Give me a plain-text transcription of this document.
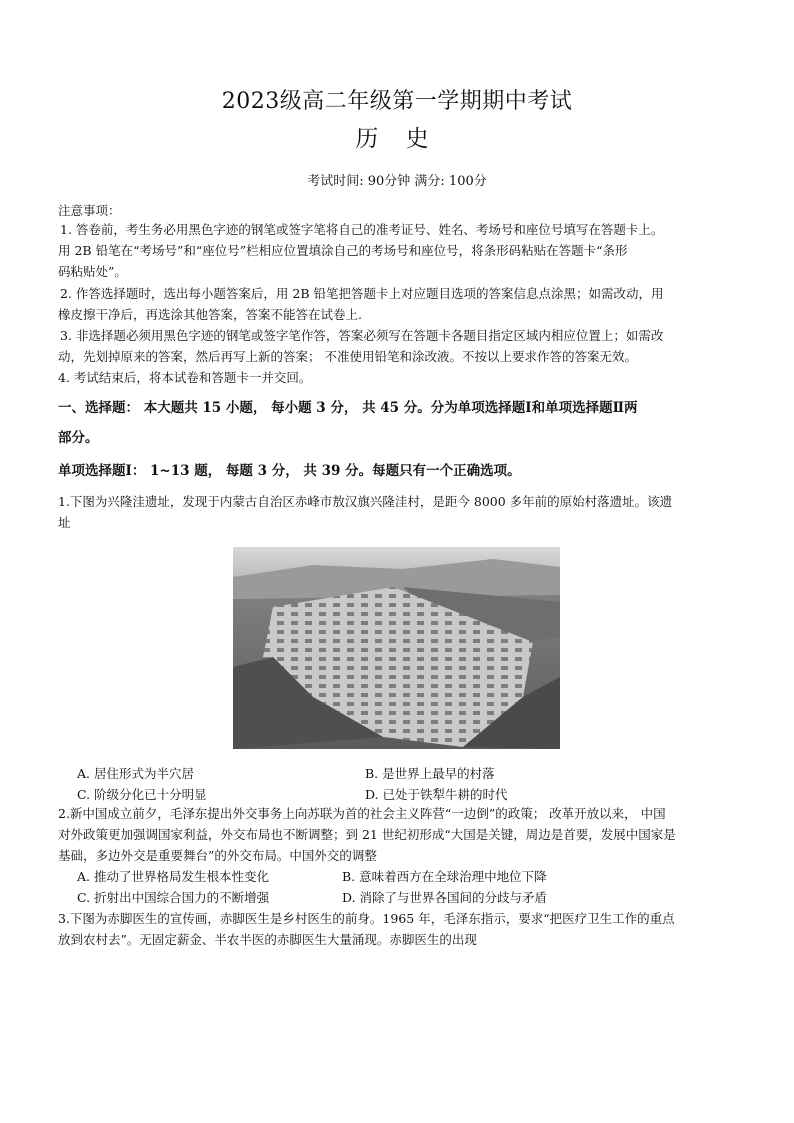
2023级高二年级第一学期期中考试
历 史
考试时间: 90分钟 满分: 100分
注意事项：
1. 答卷前，考生务必用黑色字迹的钢笔或签字笔将自己的准考证号、姓名、考场号和座位号填写在答题卡上。
用 2B 铅笔在“考场号”和“座位号”栏相应位置填涂自己的考场号和座位号，将条形码粘贴在答题卡“条形
码粘贴处”。
2. 作答选择题时，选出每小题答案后，用 2B 铅笔把答题卡上对应题目选项的答案信息点涂黑；如需改动，用
橡皮擦干净后，再选涂其他答案，答案不能答在试卷上.
3. 非选择题必须用黑色字迹的钢笔或签字笔作答，答案必须写在答题卡各题目指定区域内相应位置上；如需改
动，先划掉原来的答案，然后再写上新的答案； 不准使用铅笔和涂改液。不按以上要求作答的答案无效。
4. 考试结束后，将本试卷和答题卡一并交回。
一、选择题： 本大题共 15 小题， 每小题 3 分， 共 45 分。分为单项选择题Ⅰ和单项选择题Ⅱ两
部分。
单项选择题Ⅰ： 1~13 题， 每题 3 分， 共 39 分。每题只有一个正确选项。
1.下图为兴隆洼遗址，发现于内蒙古自治区赤峰市敖汉旗兴隆洼村，是距今 8000 多年前的原始村落遗址。该遗
址
A. 居住形式为半穴居	B. 是世界上最早的村落
C. 阶级分化已十分明显	D. 已处于铁犁牛耕的时代
2.新中国成立前夕，毛泽东提出外交事务上向苏联为首的社会主义阵营“一边倒”的政策； 改革开放以来， 中国
对外政策更加强调国家利益，外交布局也不断调整；到 21 世纪初形成“大国是关键，周边是首要，发展中国家是
基础，多边外交是重要舞台”的外交布局。中国外交的调整
A. 推动了世界格局发生根本性变化	B. 意味着西方在全球治理中地位下降
C. 折射出中国综合国力的不断增强	D. 消除了与世界各国间的分歧与矛盾
3.下图为赤脚医生的宣传画，赤脚医生是乡村医生的前身。1965 年，毛泽东指示，要求“把医疗卫生工作的重点
放到农村去”。无固定薪金、半农半医的赤脚医生大量涌现。赤脚医生的出现
